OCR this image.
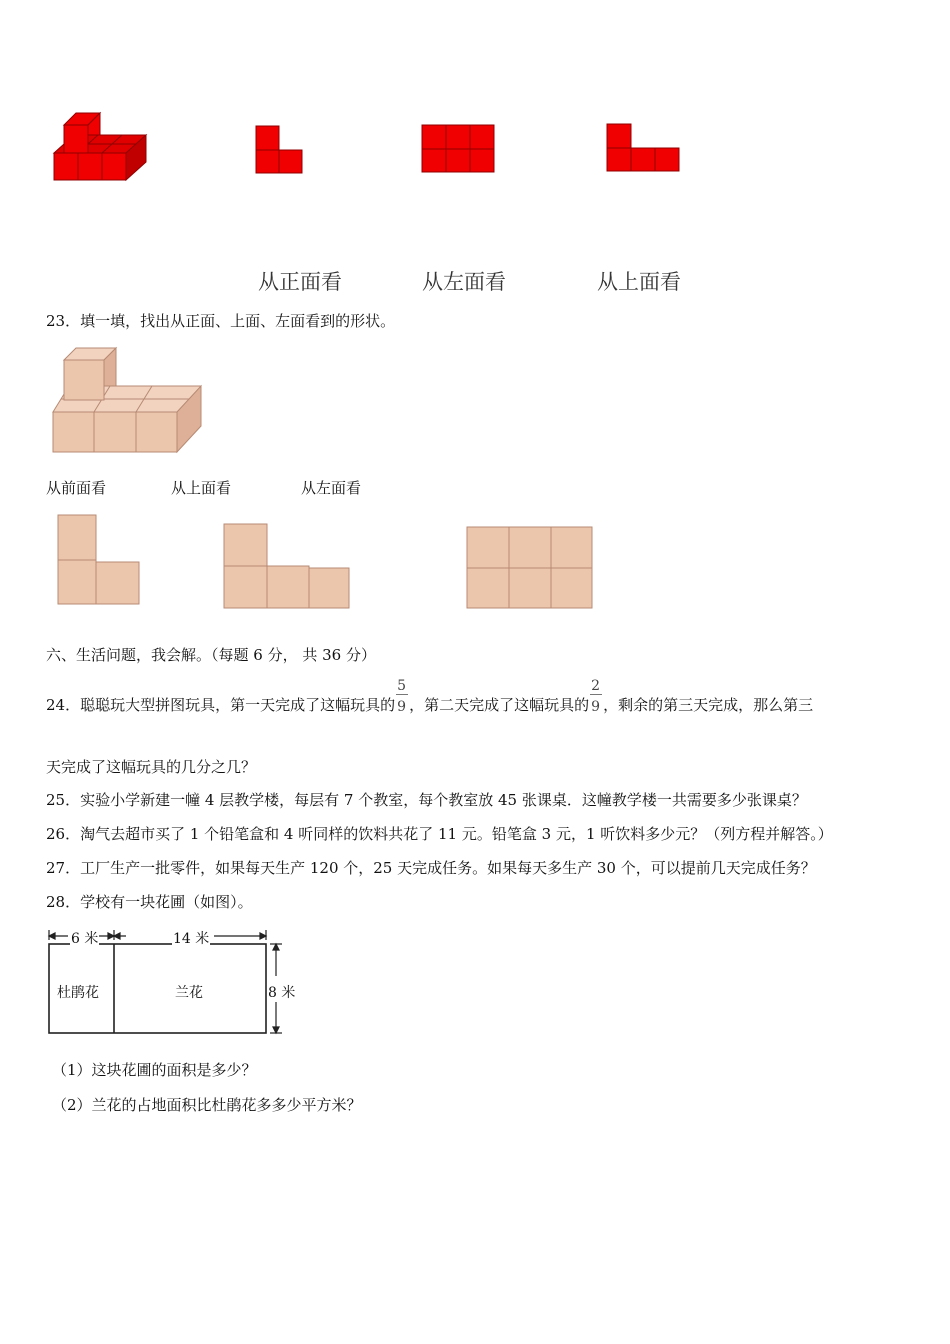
从正面看	从左面看	从上面看
23．填一填，找出从正面、上面、左面看到的形状。
从前面看	从上面看	从左面看
六、生活问题，我会解。（每题 6 分， 共 36 分）
24．聪聪玩大型拼图玩具，第一天完成了这幅玩具的 $\frac{5}{9}$ ，第二天完成了这幅玩具的 $\frac{2}{9}$ ，剩余的第三天完成，那么第三
天完成了这幅玩具的几分之几？
25．实验小学新建一幢 4 层教学楼，每层有 7 个教室，每个教室放 45 张课桌．这幢教学楼一共需要多少张课桌？
26．淘气去超市买了 1 个铅笔盒和 4 听同样的饮料共花了 11 元。铅笔盒 3 元，1 听饮料多少元？（列方程并解答。）
27．工厂生产一批零件，如果每天生产 120 个，25 天完成任务。如果每天多生产 30 个，可以提前几天完成任务？
28．学校有一块花圃（如图）。
6 米	14 米
8 米
杜鹃花	兰花
（1）这块花圃的面积是多少？
（2）兰花的占地面积比杜鹃花多多少平方米？
